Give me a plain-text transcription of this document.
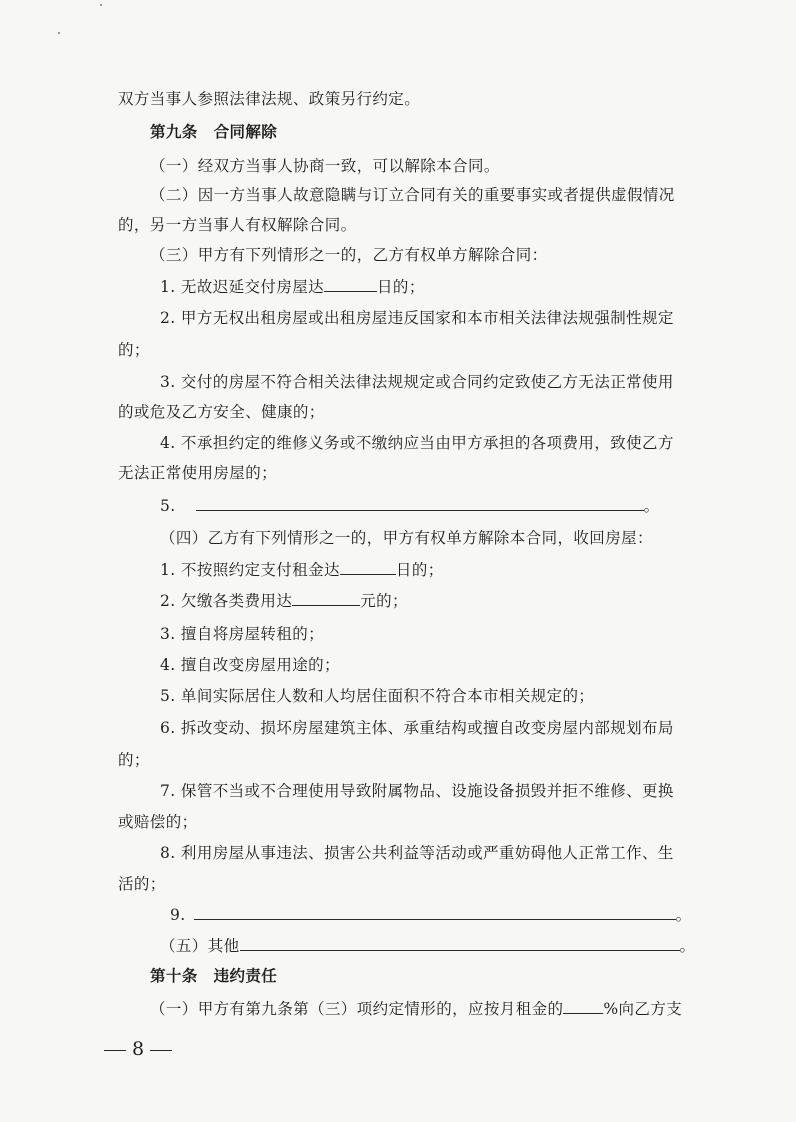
双方当事人参照法律法规、政策另行约定。
第九条　合同解除
（一）经双方当事人协商一致，可以解除本合同。
（二）因一方当事人故意隐瞒与订立合同有关的重要事实或者提供虚假情况
的，另一方当事人有权解除合同。
（三）甲方有下列情形之一的，乙方有权单方解除合同：
1. 无故迟延交付房屋达	日的；
2. 甲方无权出租房屋或出租房屋违反国家和本市相关法律法规强制性规定
的；
3. 交付的房屋不符合相关法律法规规定或合同约定致使乙方无法正常使用
的或危及乙方安全、健康的；
4. 不承担约定的维修义务或不缴纳应当由甲方承担的各项费用，致使乙方
无法正常使用房屋的；
5.	。
（四）乙方有下列情形之一的，甲方有权单方解除本合同，收回房屋：
1. 不按照约定支付租金达	日的；
2. 欠缴各类费用达	元的；
3. 擅自将房屋转租的；
4. 擅自改变房屋用途的；
5. 单间实际居住人数和人均居住面积不符合本市相关规定的；
6. 拆改变动、损坏房屋建筑主体、承重结构或擅自改变房屋内部规划布局
的；
7. 保管不当或不合理使用导致附属物品、设施设备损毁并拒不维修、更换
或赔偿的；
8. 利用房屋从事违法、损害公共利益等活动或严重妨碍他人正常工作、生
活的；
9.	。
（五）其他	。
第十条　违约责任
（一）甲方有第九条第（三）项约定情形的，应按月租金的	%向乙方支
8
